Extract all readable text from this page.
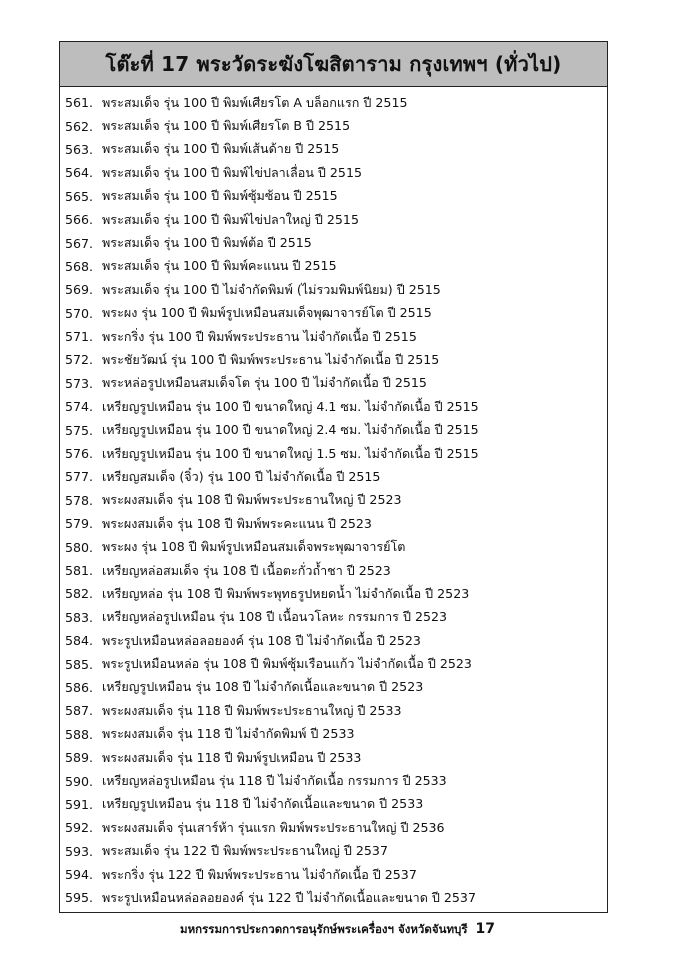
โต๊ะที่ 17 พระวัดระฆังโฆสิตาราม กรุงเทพฯ (ทั่วไป)
561. พระสมเด็จ รุ่น 100 ปี พิมพ์เศียรโต A บล็อกแรก ปี 2515
562. พระสมเด็จ รุ่น 100 ปี พิมพ์เศียรโต B ปี 2515
563. พระสมเด็จ รุ่น 100 ปี พิมพ์เส้นด้าย ปี 2515
564. พระสมเด็จ รุ่น 100 ปี พิมพ์ไข่ปลาเลื่อน ปี 2515
565. พระสมเด็จ รุ่น 100 ปี พิมพ์ซุ้มซ้อน ปี 2515
566. พระสมเด็จ รุ่น 100 ปี พิมพ์ไข่ปลาใหญ่ ปี 2515
567. พระสมเด็จ รุ่น 100 ปี พิมพ์ต้อ ปี 2515
568. พระสมเด็จ รุ่น 100 ปี พิมพ์คะแนน ปี 2515
569. พระสมเด็จ รุ่น 100 ปี ไม่จำกัดพิมพ์ (ไม่รวมพิมพ์นิยม) ปี 2515
570. พระผง รุ่น 100 ปี พิมพ์รูปเหมือนสมเด็จพุฒาจารย์โต ปี 2515
571. พระกริ่ง รุ่น 100 ปี พิมพ์พระประธาน ไม่จำกัดเนื้อ ปี 2515
572. พระชัยวัฒน์ รุ่น 100 ปี พิมพ์พระประธาน ไม่จำกัดเนื้อ ปี 2515
573. พระหล่อรูปเหมือนสมเด็จโต รุ่น 100 ปี ไม่จำกัดเนื้อ ปี 2515
574. เหรียญรูปเหมือน รุ่น 100 ปี ขนาดใหญ่ 4.1 ซม. ไม่จำกัดเนื้อ ปี 2515
575. เหรียญรูปเหมือน รุ่น 100 ปี ขนาดใหญ่ 2.4 ซม. ไม่จำกัดเนื้อ ปี 2515
576. เหรียญรูปเหมือน รุ่น 100 ปี ขนาดใหญ่ 1.5 ซม. ไม่จำกัดเนื้อ ปี 2515
577. เหรียญสมเด็จ (จิ๋ว) รุ่น 100 ปี ไม่จำกัดเนื้อ ปี 2515
578. พระผงสมเด็จ รุ่น 108 ปี พิมพ์พระประธานใหญ่ ปี 2523
579. พระผงสมเด็จ รุ่น 108 ปี พิมพ์พระคะแนน ปี 2523
580. พระผง รุ่น 108 ปี พิมพ์รูปเหมือนสมเด็จพระพุฒาจารย์โต
581. เหรียญหล่อสมเด็จ รุ่น 108 ปี เนื้อตะกั่วถ้ำชา ปี 2523
582. เหรียญหล่อ รุ่น 108 ปี พิมพ์พระพุทธรูปหยดน้ำ ไม่จำกัดเนื้อ ปี 2523
583. เหรียญหล่อรูปเหมือน รุ่น 108 ปี เนื้อนวโลหะ กรรมการ ปี 2523
584. พระรูปเหมือนหล่อลอยองค์ รุ่น 108 ปี ไม่จำกัดเนื้อ ปี 2523
585. พระรูปเหมือนหล่อ รุ่น 108 ปี พิมพ์ซุ้มเรือนแก้ว ไม่จำกัดเนื้อ ปี 2523
586. เหรียญรูปเหมือน รุ่น 108 ปี ไม่จำกัดเนื้อและขนาด ปี 2523
587. พระผงสมเด็จ รุ่น 118 ปี พิมพ์พระประธานใหญ่ ปี 2533
588. พระผงสมเด็จ รุ่น 118 ปี ไม่จำกัดพิมพ์ ปี 2533
589. พระผงสมเด็จ รุ่น 118 ปี พิมพ์รูปเหมือน ปี 2533
590. เหรียญหล่อรูปเหมือน รุ่น 118 ปี ไม่จำกัดเนื้อ กรรมการ ปี 2533
591. เหรียญรูปเหมือน รุ่น 118 ปี ไม่จำกัดเนื้อและขนาด ปี 2533
592. พระผงสมเด็จ รุ่นเสาร์ห้า รุ่นแรก พิมพ์พระประธานใหญ่ ปี 2536
593. พระสมเด็จ รุ่น 122 ปี พิมพ์พระประธานใหญ่ ปี 2537
594. พระกริ่ง รุ่น 122 ปี พิมพ์พระประธาน ไม่จำกัดเนื้อ ปี 2537
595. พระรูปเหมือนหล่อลอยองค์ รุ่น 122 ปี ไม่จำกัดเนื้อและขนาด ปี 2537
มหกรรมการประกวดการอนุรักษ์พระเครื่องฯ จังหวัดจันทบุรี 17
